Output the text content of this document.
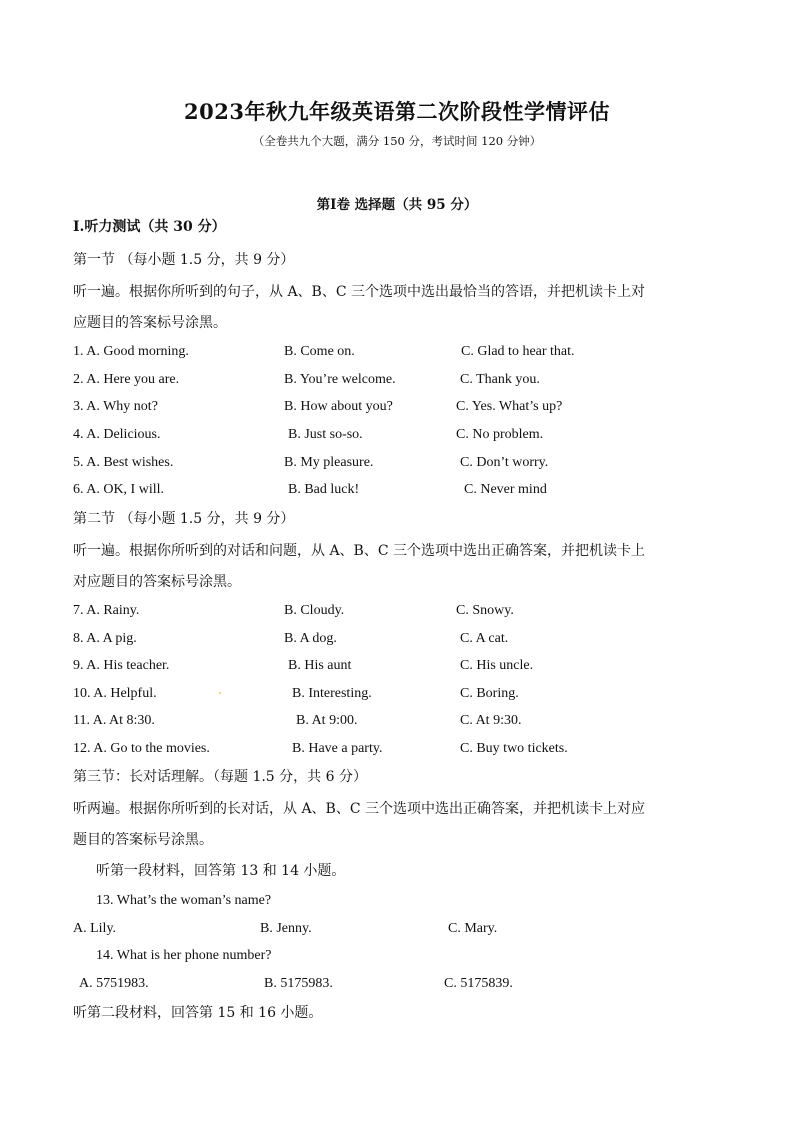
2023年秋九年级英语第二次阶段性学情评估
（全卷共九个大题，满分 150 分，考试时间 120 分钟）
第Ⅰ卷 选择题（共 95 分）
Ⅰ.听力测试（共 30 分）
第一节 （每小题 1.5 分，共 9 分）
听一遍。根据你所听到的句子，从 A、B、C 三个选项中选出最恰当的答语，并把机读卡上对
应题目的答案标号涂黑。
1. A. Good morning.	B. Come on.	C. Glad to hear that.
2. A. Here you are.	B. You’re welcome.	C. Thank you.
3. A. Why not?	B. How about you?	C. Yes. What’s up?
4. A. Delicious.	B. Just so-so.	C. No problem.
5. A. Best wishes.	B. My pleasure.	C. Don’t worry.
6. A. OK, I will.	B. Bad luck!	C. Never mind
第二节 （每小题 1.5 分，共 9 分）
听一遍。根据你所听到的对话和问题，从 A、B、C 三个选项中选出正确答案，并把机读卡上
对应题目的答案标号涂黑。
7. A. Rainy.	B. Cloudy.	C. Snowy.
8. A. A pig.	B. A dog.	C. A cat.
9. A. His teacher.	B. His aunt	C. His uncle.
10. A. Helpful.	B. Interesting.	C. Boring.
11. A. At 8:30.	B. At 9:00.	C. At 9:30.
12. A. Go to the movies.	B. Have a party.	C. Buy two tickets.
第三节：长对话理解。（每题 1.5 分，共 6 分）
听两遍。根据你所听到的长对话，从 A、B、C 三个选项中选出正确答案，并把机读卡上对应
题目的答案标号涂黑。
听第一段材料，回答第 13 和 14 小题。
13. What’s the woman’s name?
A. Lily.	B. Jenny.	C. Mary.
14. What is her phone number?
A. 5751983.	B. 5175983.	C. 5175839.
听第二段材料，回答第 15 和 16 小题。
